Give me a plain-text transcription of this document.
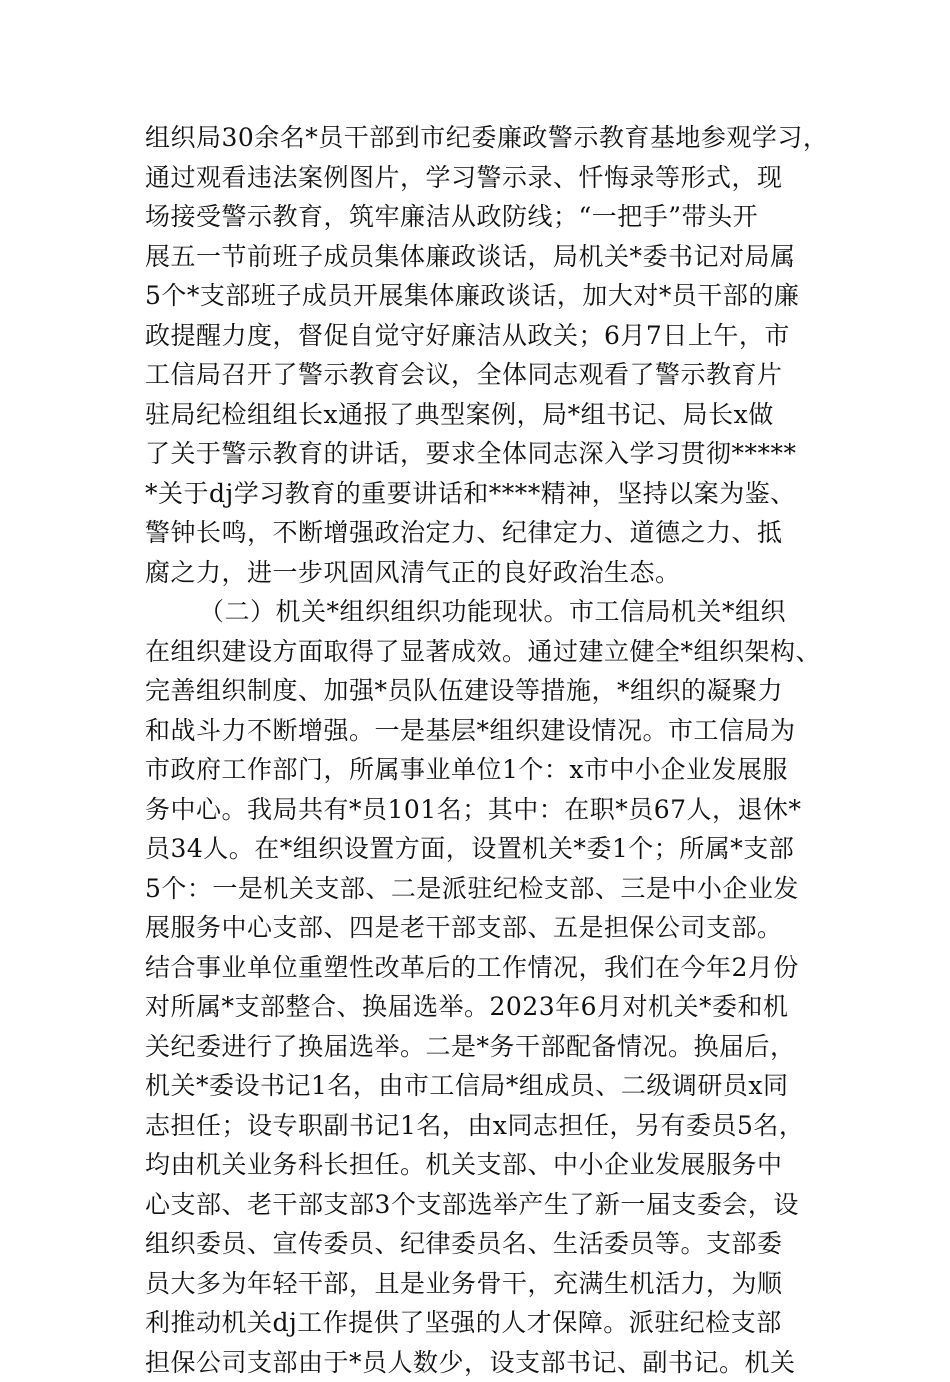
组织局30余名*员干部到市纪委廉政警示教育基地参观学习，
通过观看违法案例图片，学习警示录、忏悔录等形式，现
场接受警示教育，筑牢廉洁从政防线；“一把手”带头开
展五一节前班子成员集体廉政谈话，局机关*委书记对局属
5个*支部班子成员开展集体廉政谈话，加大对*员干部的廉
政提醒力度，督促自觉守好廉洁从政关；6月7日上午，市
工信局召开了警示教育会议，全体同志观看了警示教育片
驻局纪检组组长x通报了典型案例，局*组书记、局长x做
了关于警示教育的讲话，要求全体同志深入学习贯彻*****
*关于dj学习教育的重要讲话和****精神，坚持以案为鉴、
警钟长鸣，不断增强政治定力、纪律定力、道德之力、抵
腐之力，进一步巩固风清气正的良好政治生态。
（二）机关*组织组织功能现状。市工信局机关*组织
在组织建设方面取得了显著成效。通过建立健全*组织架构、
完善组织制度、加强*员队伍建设等措施，*组织的凝聚力
和战斗力不断增强。一是基层*组织建设情况。市工信局为
市政府工作部门，所属事业单位1个：x市中小企业发展服
务中心。我局共有*员101名；其中：在职*员67人，退休*
员34人。在*组织设置方面，设置机关*委1个；所属*支部
5个：一是机关支部、二是派驻纪检支部、三是中小企业发
展服务中心支部、四是老干部支部、五是担保公司支部。
结合事业单位重塑性改革后的工作情况，我们在今年2月份
对所属*支部整合、换届选举。2023年6月对机关*委和机
关纪委进行了换届选举。二是*务干部配备情况。换届后，
机关*委设书记1名，由市工信局*组成员、二级调研员x同
志担任；设专职副书记1名，由x同志担任，另有委员5名，
均由机关业务科长担任。机关支部、中小企业发展服务中
心支部、老干部支部3个支部选举产生了新一届支委会，设
组织委员、宣传委员、纪律委员名、生活委员等。支部委
员大多为年轻干部，且是业务骨干，充满生机活力，为顺
利推动机关dj工作提供了坚强的人才保障。派驻纪检支部
担保公司支部由于*员人数少，设支部书记、副书记。机关
